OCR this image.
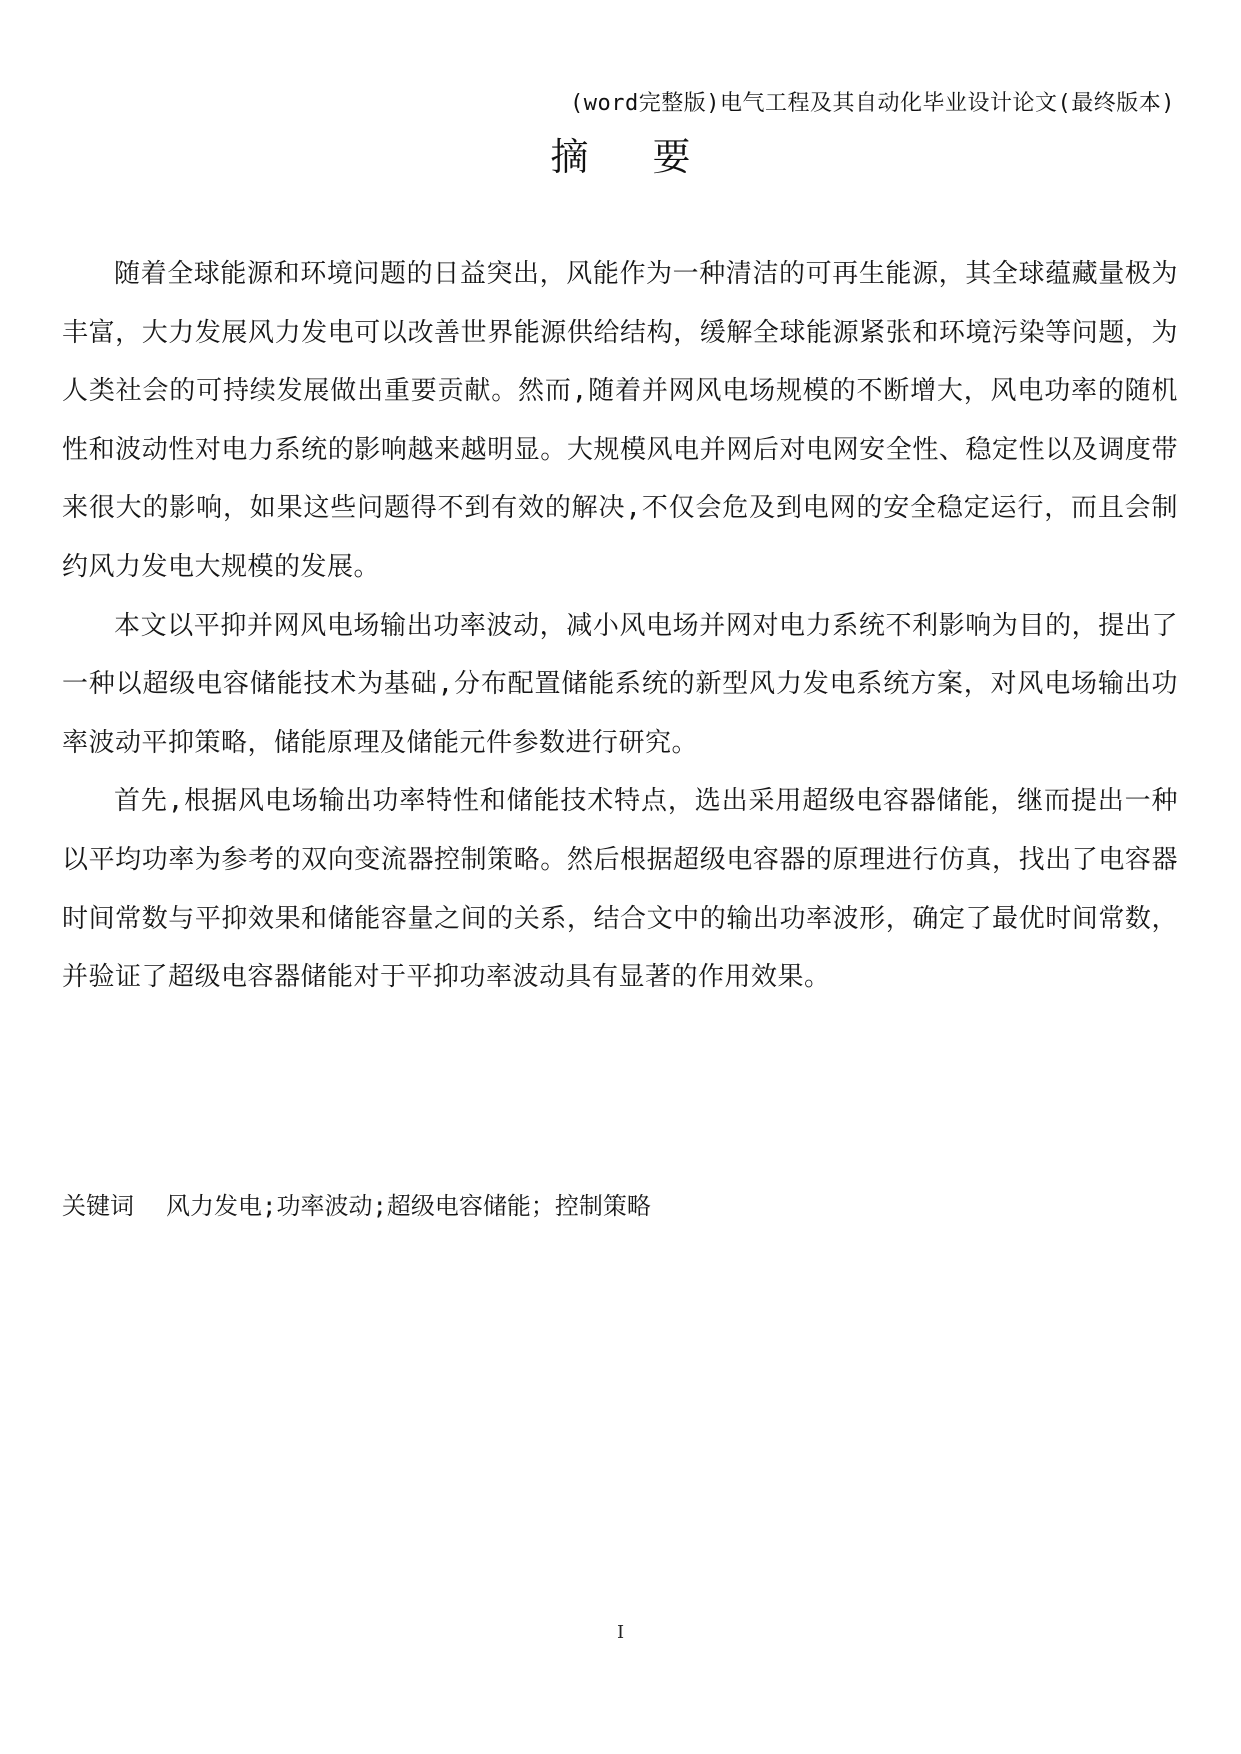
(word完整版)电气工程及其自动化毕业设计论文(最终版本)
摘 要

随着全球能源和环境问题的日益突出，风能作为一种清洁的可再生能源，其全球蕴藏量极为丰富，大力发展风力发电可以改善世界能源供给结构，缓解全球能源紧张和环境污染等问题，为人类社会的可持续发展做出重要贡献。然而,随着并网风电场规模的不断增大，风电功率的随机性和波动性对电力系统的影响越来越明显。大规模风电并网后对电网安全性、稳定性以及调度带来很大的影响，如果这些问题得不到有效的解决,不仅会危及到电网的安全稳定运行，而且会制约风力发电大规模的发展。

本文以平抑并网风电场输出功率波动，减小风电场并网对电力系统不利影响为目的，提出了一种以超级电容储能技术为基础,分布配置储能系统的新型风力发电系统方案，对风电场输出功率波动平抑策略，储能原理及储能元件参数进行研究。

首先,根据风电场输出功率特性和储能技术特点，选出采用超级电容器储能，继而提出一种以平均功率为参考的双向变流器控制策略。然后根据超级电容器的原理进行仿真，找出了电容器时间常数与平抑效果和储能容量之间的关系，结合文中的输出功率波形，确定了最优时间常数，并验证了超级电容器储能对于平抑功率波动具有显著的作用效果。

关键词 风力发电;功率波动;超级电容储能；控制策略
I
